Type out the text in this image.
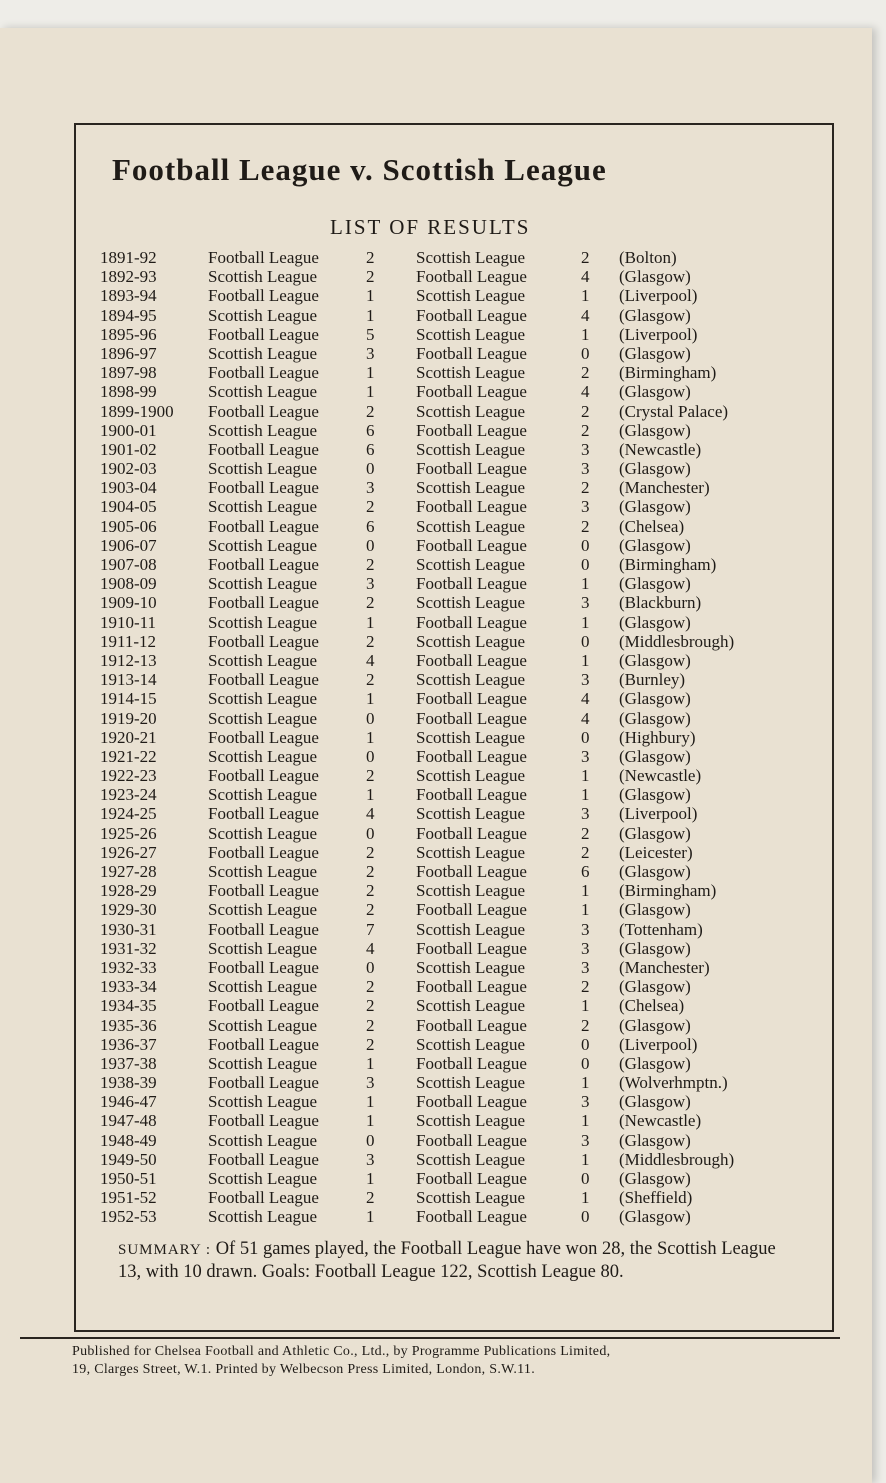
Football League v. Scottish League
LIST OF RESULTS
1891-92	Football League	2	Scottish League	2	(Bolton)
1892-93	Scottish League	2	Football League	4	(Glasgow)
1893-94	Football League	1	Scottish League	1	(Liverpool)
1894-95	Scottish League	1	Football League	4	(Glasgow)
1895-96	Football League	5	Scottish League	1	(Liverpool)
1896-97	Scottish League	3	Football League	0	(Glasgow)
1897-98	Football League	1	Scottish League	2	(Birmingham)
1898-99	Scottish League	1	Football League	4	(Glasgow)
1899-1900	Football League	2	Scottish League	2	(Crystal Palace)
1900-01	Scottish League	6	Football League	2	(Glasgow)
1901-02	Football League	6	Scottish League	3	(Newcastle)
1902-03	Scottish League	0	Football League	3	(Glasgow)
1903-04	Football League	3	Scottish League	2	(Manchester)
1904-05	Scottish League	2	Football League	3	(Glasgow)
1905-06	Football League	6	Scottish League	2	(Chelsea)
1906-07	Scottish League	0	Football League	0	(Glasgow)
1907-08	Football League	2	Scottish League	0	(Birmingham)
1908-09	Scottish League	3	Football League	1	(Glasgow)
1909-10	Football League	2	Scottish League	3	(Blackburn)
1910-11	Scottish League	1	Football League	1	(Glasgow)
1911-12	Football League	2	Scottish League	0	(Middlesbrough)
1912-13	Scottish League	4	Football League	1	(Glasgow)
1913-14	Football League	2	Scottish League	3	(Burnley)
1914-15	Scottish League	1	Football League	4	(Glasgow)
1919-20	Scottish League	0	Football League	4	(Glasgow)
1920-21	Football League	1	Scottish League	0	(Highbury)
1921-22	Scottish League	0	Football League	3	(Glasgow)
1922-23	Football League	2	Scottish League	1	(Newcastle)
1923-24	Scottish League	1	Football League	1	(Glasgow)
1924-25	Football League	4	Scottish League	3	(Liverpool)
1925-26	Scottish League	0	Football League	2	(Glasgow)
1926-27	Football League	2	Scottish League	2	(Leicester)
1927-28	Scottish League	2	Football League	6	(Glasgow)
1928-29	Football League	2	Scottish League	1	(Birmingham)
1929-30	Scottish League	2	Football League	1	(Glasgow)
1930-31	Football League	7	Scottish League	3	(Tottenham)
1931-32	Scottish League	4	Football League	3	(Glasgow)
1932-33	Football League	0	Scottish League	3	(Manchester)
1933-34	Scottish League	2	Football League	2	(Glasgow)
1934-35	Football League	2	Scottish League	1	(Chelsea)
1935-36	Scottish League	2	Football League	2	(Glasgow)
1936-37	Football League	2	Scottish League	0	(Liverpool)
1937-38	Scottish League	1	Football League	0	(Glasgow)
1938-39	Football League	3	Scottish League	1	(Wolverhmptn.)
1946-47	Scottish League	1	Football League	3	(Glasgow)
1947-48	Football League	1	Scottish League	1	(Newcastle)
1948-49	Scottish League	0	Football League	3	(Glasgow)
1949-50	Football League	3	Scottish League	1	(Middlesbrough)
1950-51	Scottish League	1	Football League	0	(Glasgow)
1951-52	Football League	2	Scottish League	1	(Sheffield)
1952-53	Scottish League	1	Football League	0	(Glasgow)
SUMMARY : Of 51 games played, the Football League have won 28, the Scottish League 13, with 10 drawn. Goals: Football League 122, Scottish League 80.
Published for Chelsea Football and Athletic Co., Ltd., by Programme Publications Limited,
19, Clarges Street, W.1. Printed by Welbecson Press Limited, London, S.W.11.
